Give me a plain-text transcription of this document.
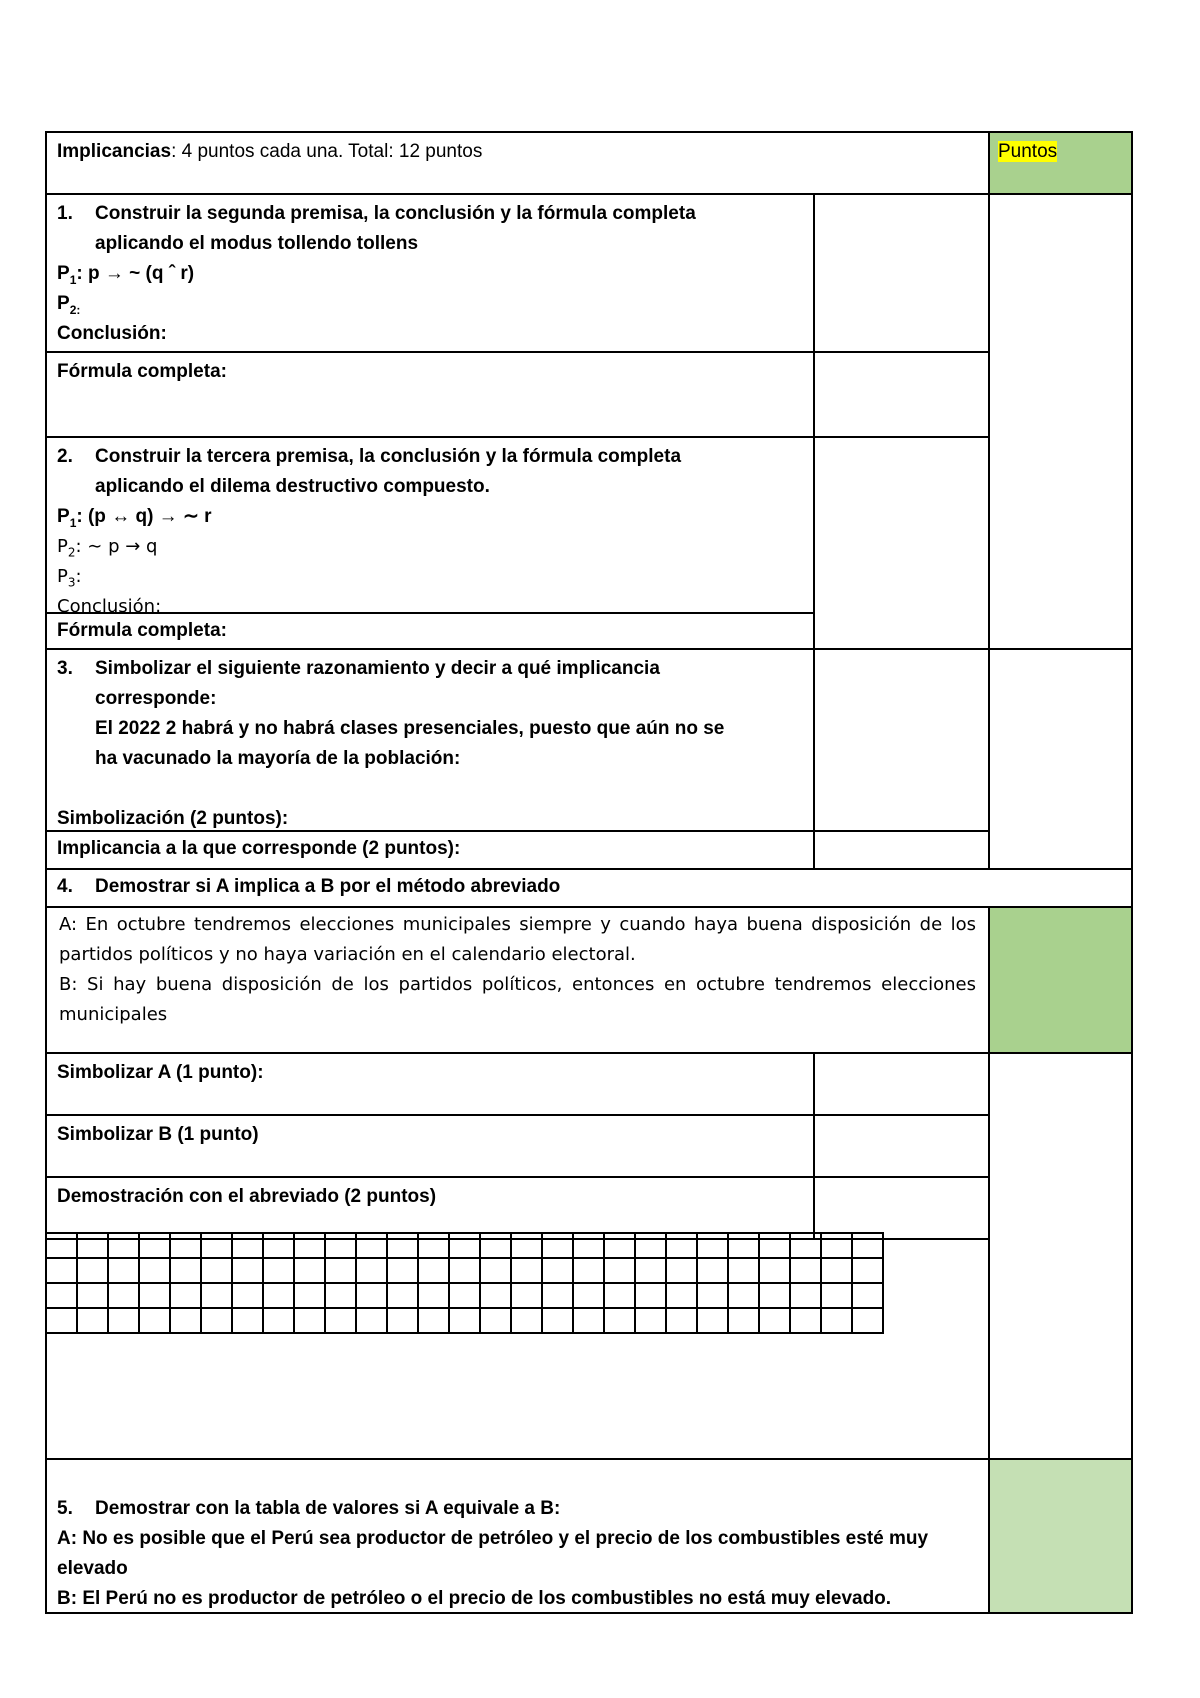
Implicancias: 4 puntos cada una. Total: 12 puntos	Puntos
1. Construir la segunda premisa, la conclusión y la fórmula completa
aplicando el modus tollendo tollens
$P_1$: p → ~ (q ˆ r)
$P_{2:}$
Conclusión:
Fórmula completa:
2. Construir la tercera premisa, la conclusión y la fórmula completa
aplicando el dilema destructivo compuesto.
$P_1$: (p ↔ q) → ∼ r
$P_2$: ∼ p → q
$P_3$:
Conclusión:
Fórmula completa:
3. Simbolizar el siguiente razonamiento y decir a qué implicancia
corresponde:
El 2022 2 habrá y no habrá clases presenciales, puesto que aún no se
ha vacunado la mayoría de la población:
Simbolización (2 puntos):
Implicancia a la que corresponde (2 puntos):
4. Demostrar si A implica a B por el método abreviado
A: En octubre tendremos elecciones municipales siempre y cuando haya buena disposición de los partidos políticos y no haya variación en el calendario electoral.
B: Si hay buena disposición de los partidos políticos, entonces en octubre tendremos elecciones municipales
Simbolizar A (1 punto):
Simbolizar B (1 punto)
Demostración con el abreviado (2 puntos)

5. Demostrar con la tabla de valores si A equivale a B:
A: No es posible que el Perú sea productor de petróleo y el precio de los combustibles esté muy elevado
B: El Perú no es productor de petróleo o el precio de los combustibles no está muy elevado.
